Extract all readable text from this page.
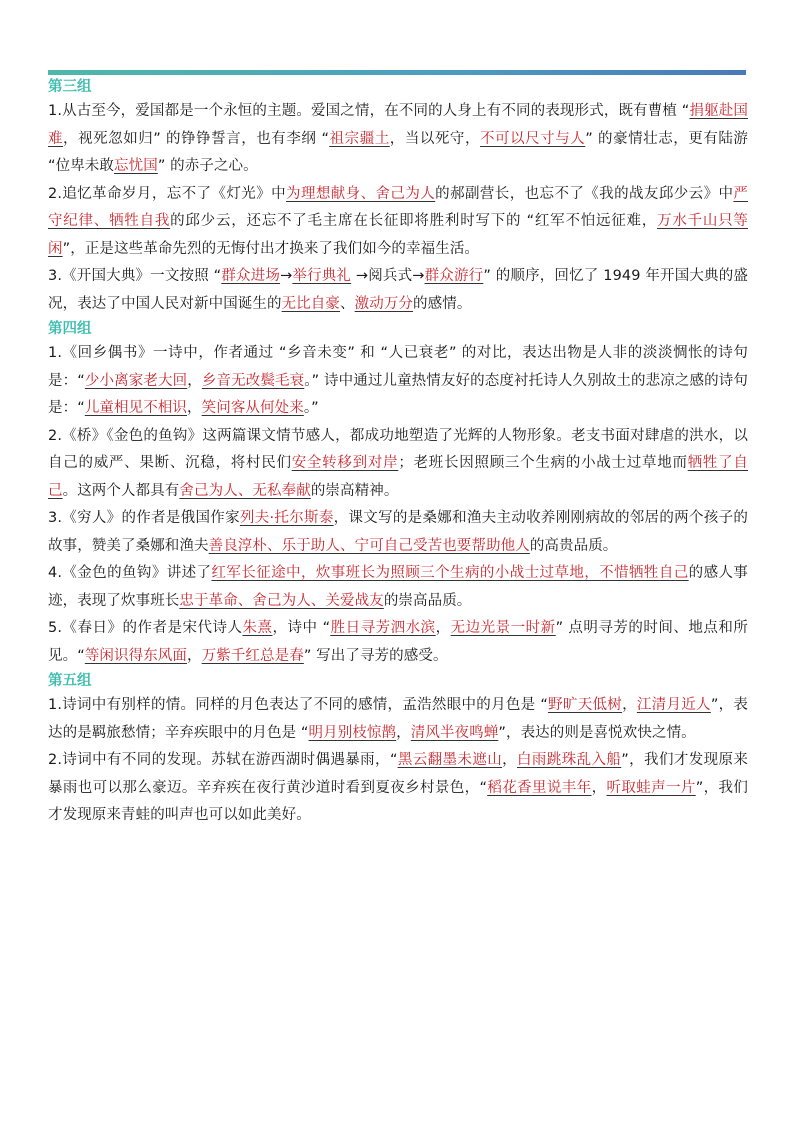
第三组

1.从古至今，爱国都是一个永恒的主题。爱国之情，在不同的人身上有不同的表现形式，既有曹植 “捐躯赴国难，视死忽如归” 的铮铮誓言，也有李纲 “祖宗疆土，当以死守，不可以尺寸与人” 的豪情壮志，更有陆游 “位卑未敢忘忧国” 的赤子之心。

2.追忆革命岁月，忘不了《灯光》中为理想献身、舍己为人的郝副营长，也忘不了《我的战友邱少云》中严守纪律、牺牲自我的邱少云，还忘不了毛主席在长征即将胜利时写下的 “红军不怕远征难，万水千山只等闲”，正是这些革命先烈的无悔付出才换来了我们如今的幸福生活。

3.《开国大典》一文按照 “群众进场→举行典礼 →阅兵式→群众游行” 的顺序，回忆了 1949 年开国大典的盛况，表达了中国人民对新中国诞生的无比自豪、激动万分的感情。

第四组

1.《回乡偶书》一诗中，作者通过 “乡音未变” 和 “人已衰老” 的对比，表达出物是人非的淡淡惆怅的诗句是：“少小离家老大回，乡音无改鬓毛衰。” 诗中通过儿童热情友好的态度衬托诗人久别故土的悲凉之感的诗句是：“儿童相见不相识，笑问客从何处来。”

2.《桥》《金色的鱼钩》这两篇课文情节感人，都成功地塑造了光辉的人物形象。老支书面对肆虐的洪水，以自己的威严、果断、沉稳，将村民们安全转移到对岸；老班长因照顾三个生病的小战士过草地而牺牲了自己。这两个人都具有舍己为人、无私奉献的崇高精神。

3.《穷人》的作者是俄国作家列夫·托尔斯泰，课文写的是桑娜和渔夫主动收养刚刚病故的邻居的两个孩子的故事，赞美了桑娜和渔夫善良淳朴、乐于助人、宁可自己受苦也要帮助他人的高贵品质。

4.《金色的鱼钩》讲述了红军长征途中，炊事班长为照顾三个生病的小战士过草地，不惜牺牲自己的感人事迹，表现了炊事班长忠于革命、舍己为人、关爱战友的崇高品质。

5.《春日》的作者是宋代诗人朱熹，诗中 “胜日寻芳泗水滨，无边光景一时新” 点明寻芳的时间、地点和所见。“等闲识得东风面，万紫千红总是春” 写出了寻芳的感受。

第五组

1.诗词中有别样的情。同样的月色表达了不同的感情，孟浩然眼中的月色是 “野旷天低树，江清月近人”，表达的是羁旅愁情；辛弃疾眼中的月色是 “明月别枝惊鹊，清风半夜鸣蝉”，表达的则是喜悦欢快之情。

2.诗词中有不同的发现。苏轼在游西湖时偶遇暴雨，“黑云翻墨未遮山，白雨跳珠乱入船”，我们才发现原来暴雨也可以那么豪迈。辛弃疾在夜行黄沙道时看到夏夜乡村景色，“稻花香里说丰年，听取蛙声一片”，我们才发现原来青蛙的叫声也可以如此美好。
